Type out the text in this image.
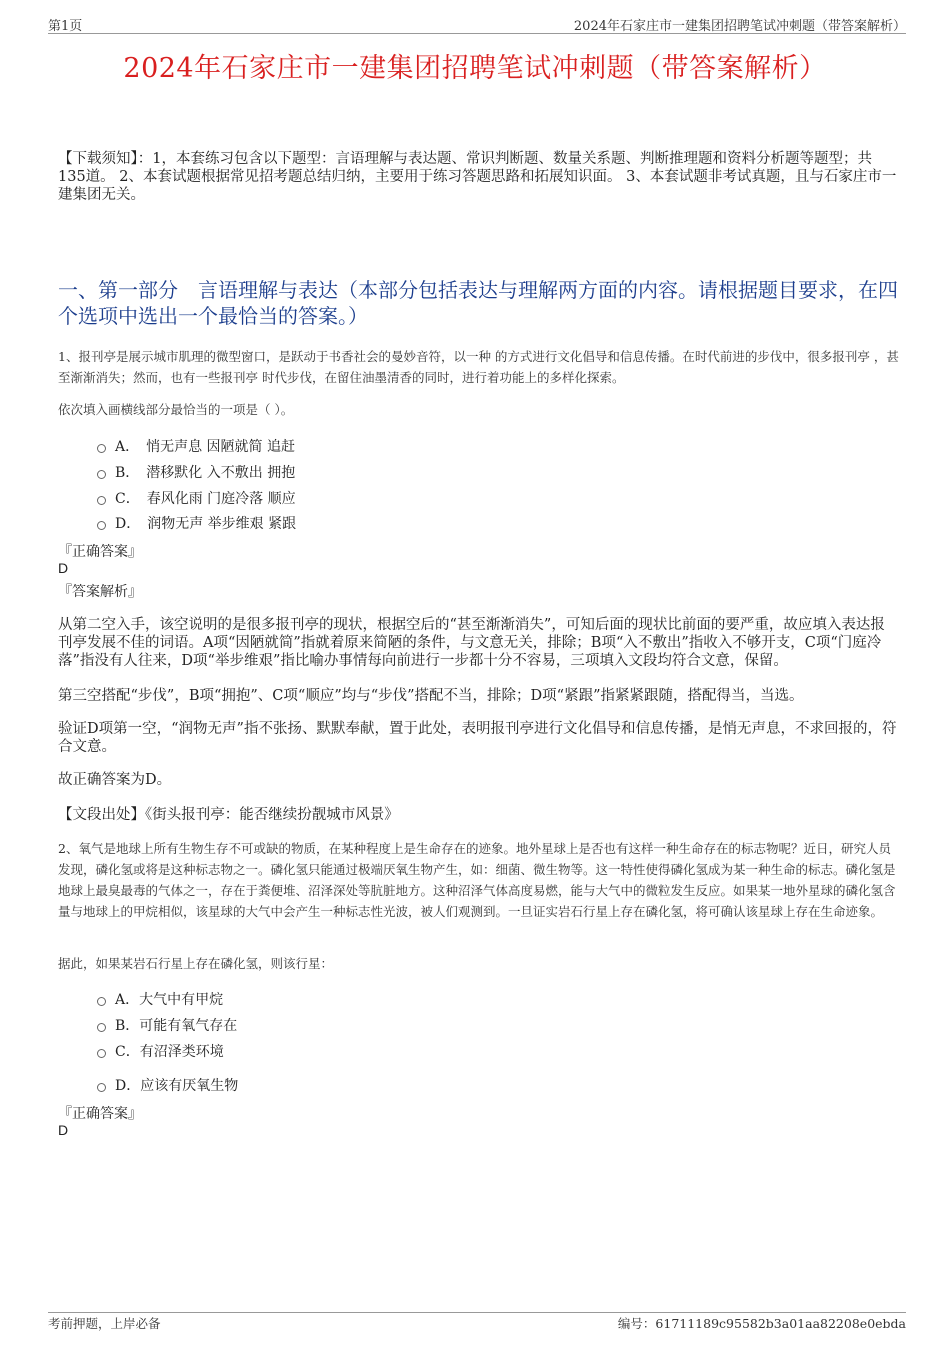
第1页	2024年石家庄市一建集团招聘笔试冲刺题（带答案解析）
2024年石家庄市一建集团招聘笔试冲刺题（带答案解析）
【下载须知】：1，本套练习包含以下题型：言语理解与表达题、常识判断题、数量关系题、判断推理题和资料分析题等题型；共135道。 2、本套试题根据常见招考题总结归纳，主要用于练习答题思路和拓展知识面。 3、本套试题非考试真题，且与石家庄市一建集团无关。
一、第一部分　言语理解与表达（本部分包括表达与理解两方面的内容。请根据题目要求，在四个选项中选出一个最恰当的答案。）
1、报刊亭是展示城市肌理的微型窗口，是跃动于书香社会的曼妙音符，以一种 的方式进行文化倡导和信息传播。在时代前进的步伐中，很多报刊亭 ，甚至渐渐消失；然而，也有一些报刊亭 时代步伐，在留住油墨清香的同时，进行着功能上的多样化探索。
依次填入画横线部分最恰当的一项是（ ）。
A．　悄无声息 因陋就简 追赶
B．　潜移默化 入不敷出 拥抱
C．　春风化雨 门庭冷落 顺应
D．　润物无声 举步维艰 紧跟
『正确答案』
D
『答案解析』
从第二空入手，该空说明的是很多报刊亭的现状，根据空后的“甚至渐渐消失”，可知后面的现状比前面的要严重，故应填入表达报刊亭发展不佳的词语。A项“因陋就简”指就着原来简陋的条件，与文意无关，排除；B项“入不敷出”指收入不够开支，C项“门庭冷落”指没有人往来，D项“举步维艰”指比喻办事情每向前进行一步都十分不容易，三项填入文段均符合文意，保留。
第三空搭配“步伐”，B项“拥抱”、C项“顺应”均与“步伐”搭配不当，排除；D项“紧跟”指紧紧跟随，搭配得当，当选。
验证D项第一空，“润物无声”指不张扬、默默奉献，置于此处，表明报刊亭进行文化倡导和信息传播，是悄无声息，不求回报的，符合文意。
故正确答案为D。
【文段出处】《街头报刊亭：能否继续扮靓城市风景》
2、氧气是地球上所有生物生存不可或缺的物质，在某种程度上是生命存在的迹象。地外星球上是否也有这样一种生命存在的标志物呢？近日，研究人员发现，磷化氢或将是这种标志物之一。磷化氢只能通过极端厌氧生物产生，如：细菌、微生物等。这一特性使得磷化氢成为某一种生命的标志。磷化氢是地球上最臭最毒的气体之一，存在于粪便堆、沼泽深处等肮脏地方。这种沼泽气体高度易燃，能与大气中的微粒发生反应。如果某一地外星球的磷化氢含量与地球上的甲烷相似，该星球的大气中会产生一种标志性光波，被人们观测到。一旦证实岩石行星上存在磷化氢，将可确认该星球上存在生命迹象。
据此，如果某岩石行星上存在磷化氢，则该行星：
A．大气中有甲烷
B．可能有氧气存在
C．有沼泽类环境
D．应该有厌氧生物
『正确答案』
D
考前押题，上岸必备	编号：61711189c95582b3a01aa82208e0ebda
